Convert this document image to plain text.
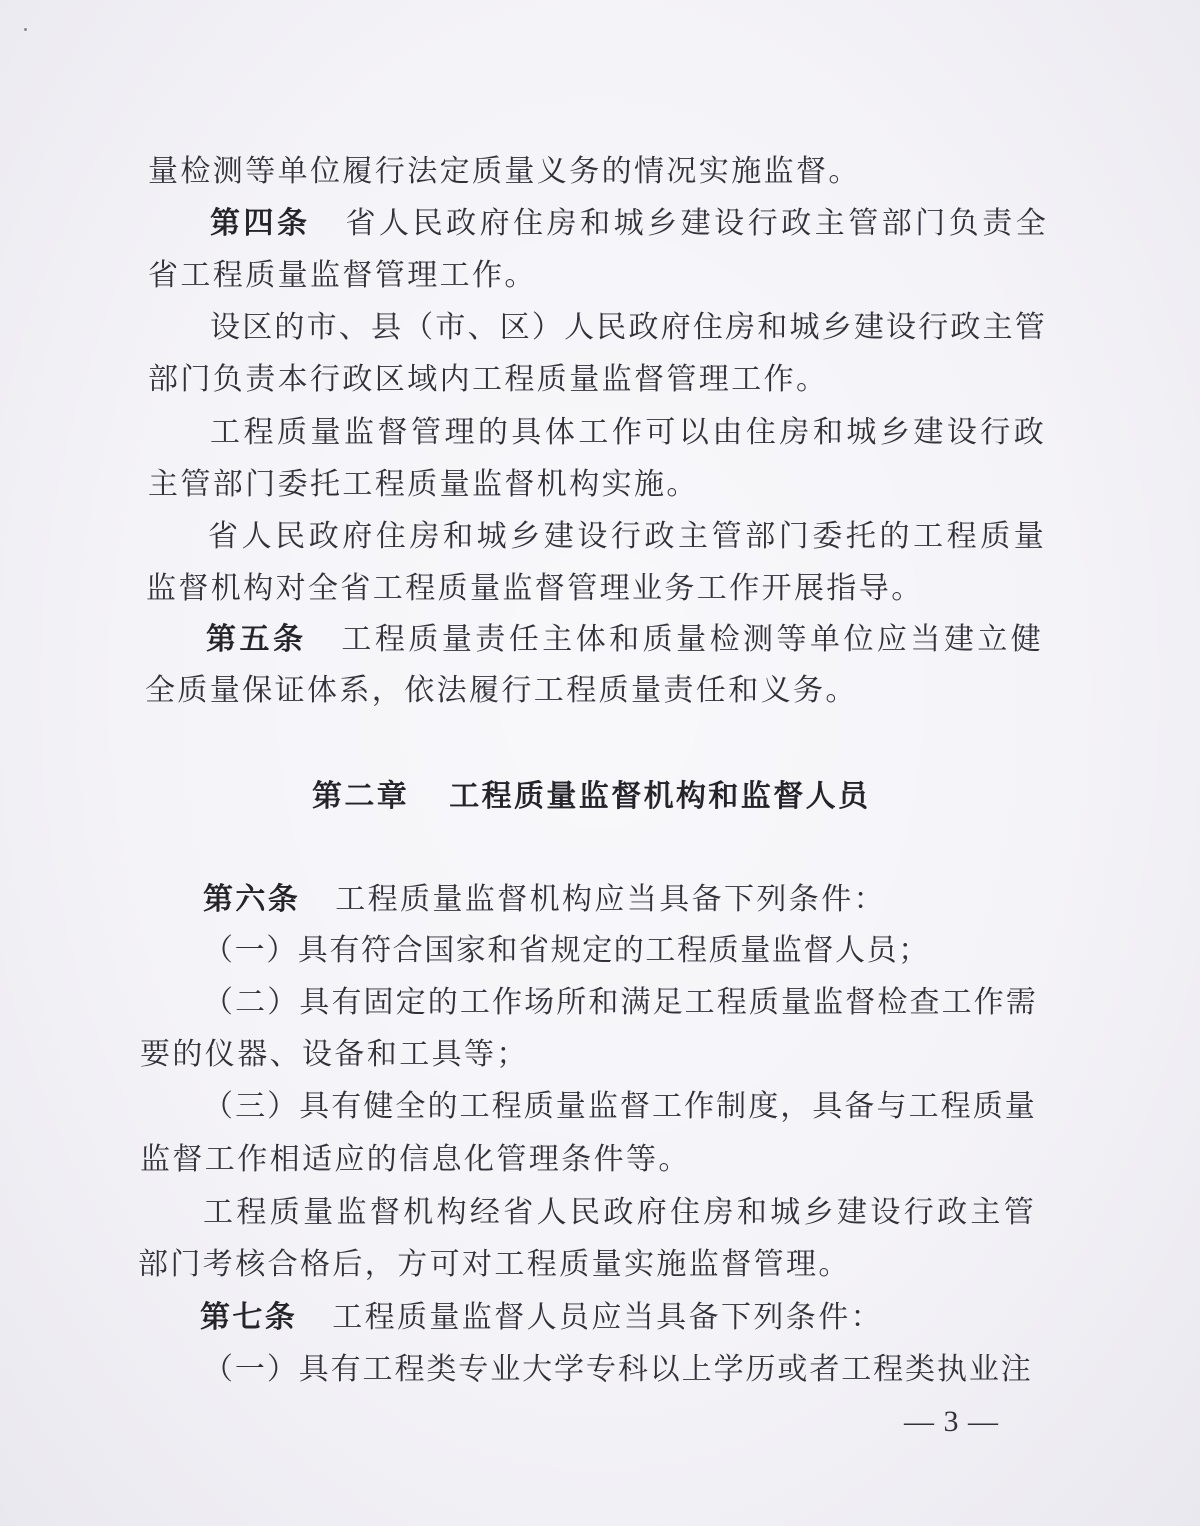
量检测等单位履行法定质量义务的情况实施监督。
第四条 省人民政府住房和城乡建设行政主管部门负责全
省工程质量监督管理工作。
设区的市、县（市、区）人民政府住房和城乡建设行政主管
部门负责本行政区域内工程质量监督管理工作。
工程质量监督管理的具体工作可以由住房和城乡建设行政
主管部门委托工程质量监督机构实施。
省人民政府住房和城乡建设行政主管部门委托的工程质量
监督机构对全省工程质量监督管理业务工作开展指导。
第五条 工程质量责任主体和质量检测等单位应当建立健
全质量保证体系，依法履行工程质量责任和义务。
第二章 工程质量监督机构和监督人员
第六条 工程质量监督机构应当具备下列条件：
（一）具有符合国家和省规定的工程质量监督人员；
（二）具有固定的工作场所和满足工程质量监督检查工作需
要的仪器、设备和工具等；
（三）具有健全的工程质量监督工作制度，具备与工程质量
监督工作相适应的信息化管理条件等。
工程质量监督机构经省人民政府住房和城乡建设行政主管
部门考核合格后，方可对工程质量实施监督管理。
第七条 工程质量监督人员应当具备下列条件：
（一）具有工程类专业大学专科以上学历或者工程类执业注
— 3 —
